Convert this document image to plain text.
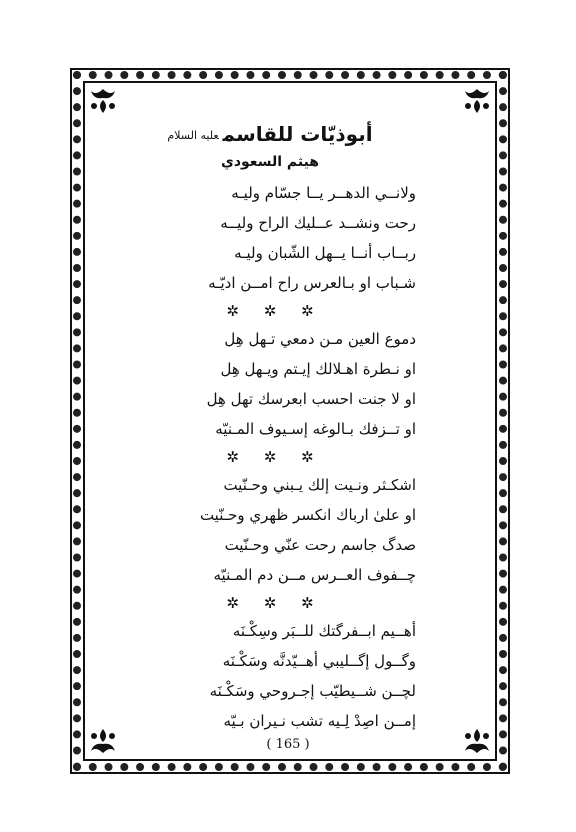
أبوذيّات للقاسمعليه السلام
هيثم السعودي
ولانــي الدهــر يــا جسّام وليـه
رحت ونشــد عــليك الراح وليــه
ربــاب أنــا يــهل الشّبان وليـه
شـباب او بـالعرس راح امــن اديّـه
✲ ✲ ✲
دموع العين مـن دمعي تـهل هِل
او نـطرة اهـلالك إيـتم ويـهل هِل
او لا جنت احسب ابعرسك تهل هِل
او تــزفك بـالوغه إسـيوف المـنيّه
✲ ✲ ✲
اشكـثر ونـيت إلك يـبني وحـنّيت
او علىٰ ارباك انكسر ظهري وحـنّيت
صدگ جاسم رحت عنّي وحـنّيت
چــفوف العــرس مــن دم المـنيّه
✲ ✲ ✲
أهــيم ابــفرگتك للــبَر وسِكْـنَه
وگــول إگــليبي أهــيّدنَّه وسَكْـنَه
لچــن شــيطيّب إجـروحي وسَكْـنَه
إمــن اصِدْ لِـيه تشب نـيران بـيّه
( 165 )
